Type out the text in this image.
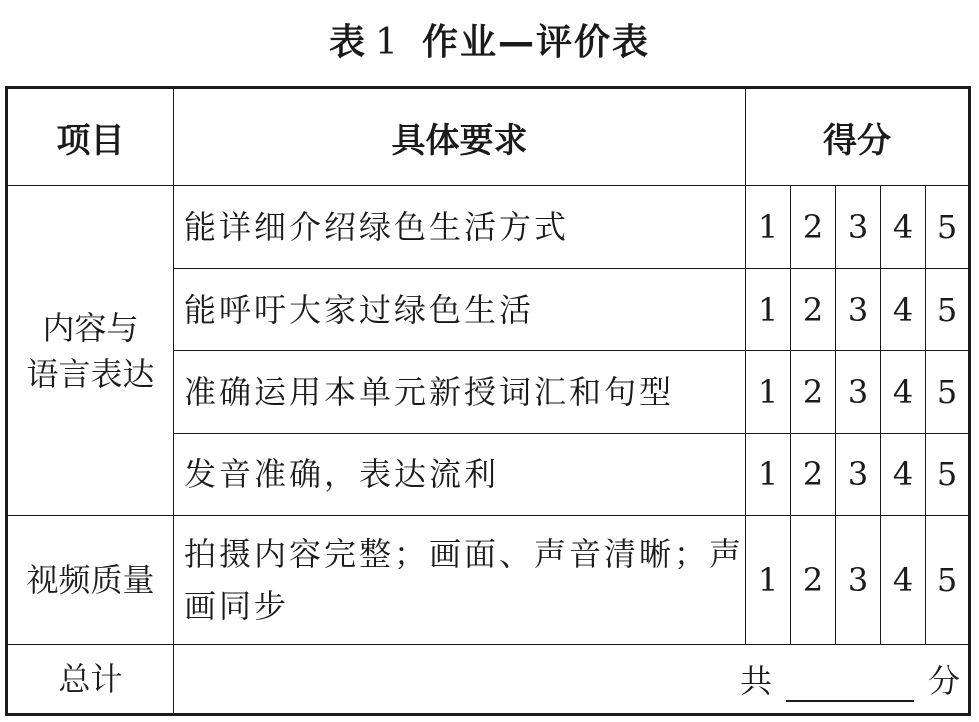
表 1 作业—评价表
项目	具体要求	得分				

内容与
语言表达	能详细介绍绿色生活方式	1	2	3	4	5
	能呼吁大家过绿色生活	1	2	3	4	5
	准确运用本单元新授词汇和句型	1	2	3	4	5
	发音准确，表达流利	1	2	3	4	5
视频质量	拍摄内容完整；画面、声音清晰；声画同步	1	2	3	4	5
总计	共 分					
